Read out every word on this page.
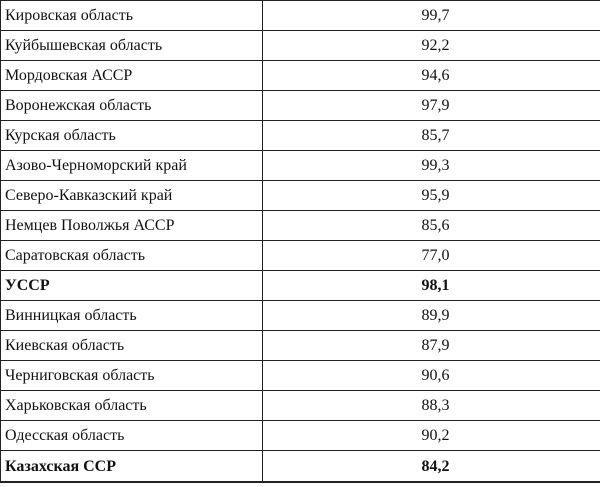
Кировская область	99,7
Куйбышевская область	92,2
Мордовская АССР	94,6
Воронежская область	97,9
Курская область	85,7
Азово-Черноморский край	99,3
Северо-Кавказский край	95,9
Немцев Поволжья АССР	85,6
Саратовская область	77,0
УССР	98,1
Винницкая область	89,9
Киевская область	87,9
Черниговская область	90,6
Харьковская область	88,3
Одесская область	90,2
Казахская ССР	84,2
